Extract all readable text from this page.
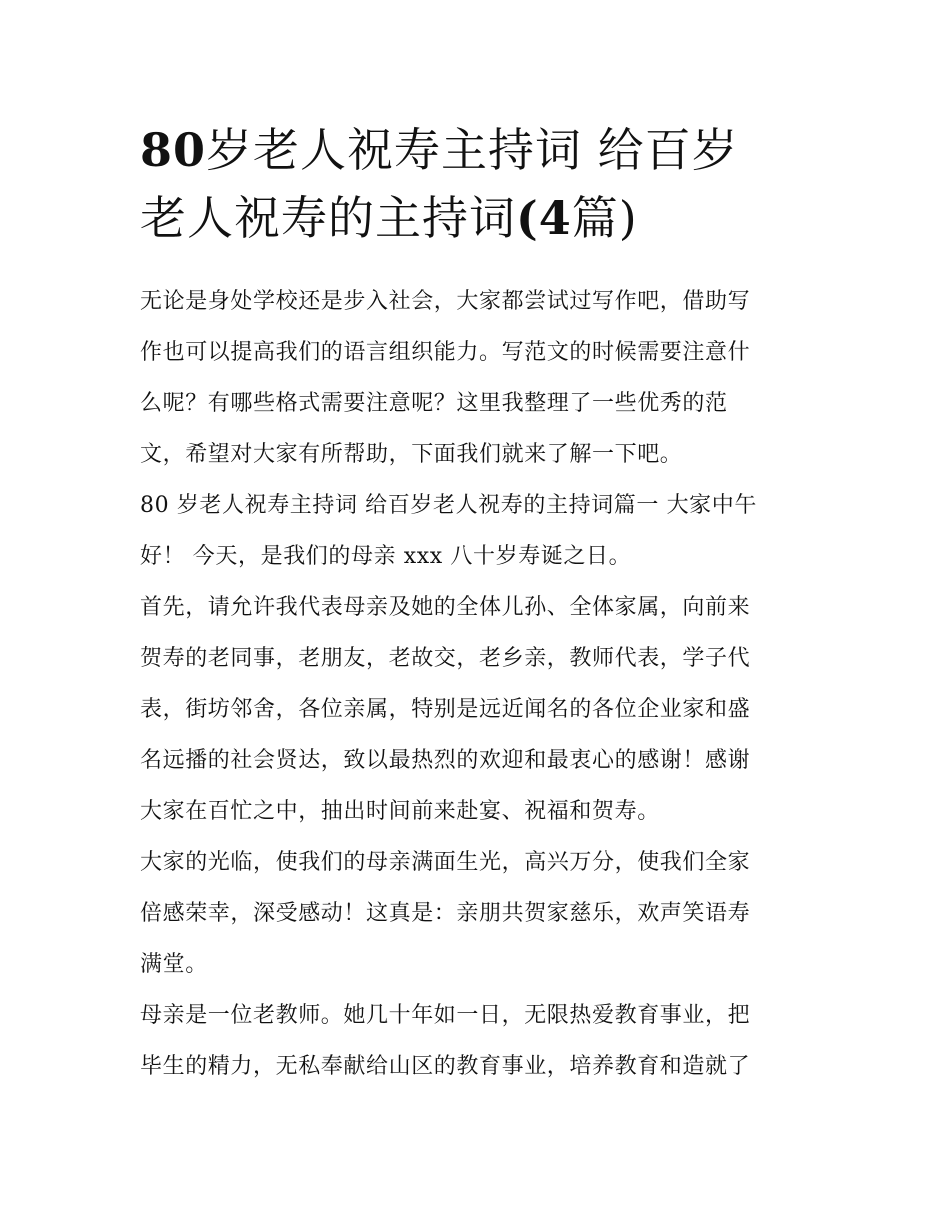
80岁老人祝寿主持词 给百岁
老人祝寿的主持词(4篇)
无论是身处学校还是步入社会，大家都尝试过写作吧，借助写
作也可以提高我们的语言组织能力。写范文的时候需要注意什
么呢？有哪些格式需要注意呢？这里我整理了一些优秀的范
文，希望对大家有所帮助，下面我们就来了解一下吧。
80 岁老人祝寿主持词 给百岁老人祝寿的主持词篇一 大家中午
好！ 今天，是我们的母亲 xxx 八十岁寿诞之日。
首先，请允许我代表母亲及她的全体儿孙、全体家属，向前来
贺寿的老同事，老朋友，老故交，老乡亲，教师代表，学子代
表，街坊邻舍，各位亲属，特别是远近闻名的各位企业家和盛
名远播的社会贤达，致以最热烈的欢迎和最衷心的感谢！感谢
大家在百忙之中，抽出时间前来赴宴、祝福和贺寿。
大家的光临，使我们的母亲满面生光，高兴万分，使我们全家
倍感荣幸，深受感动！这真是：亲朋共贺家慈乐，欢声笑语寿
满堂。
母亲是一位老教师。她几十年如一日，无限热爱教育事业，把
毕生的精力，无私奉献给山区的教育事业，培养教育和造就了
